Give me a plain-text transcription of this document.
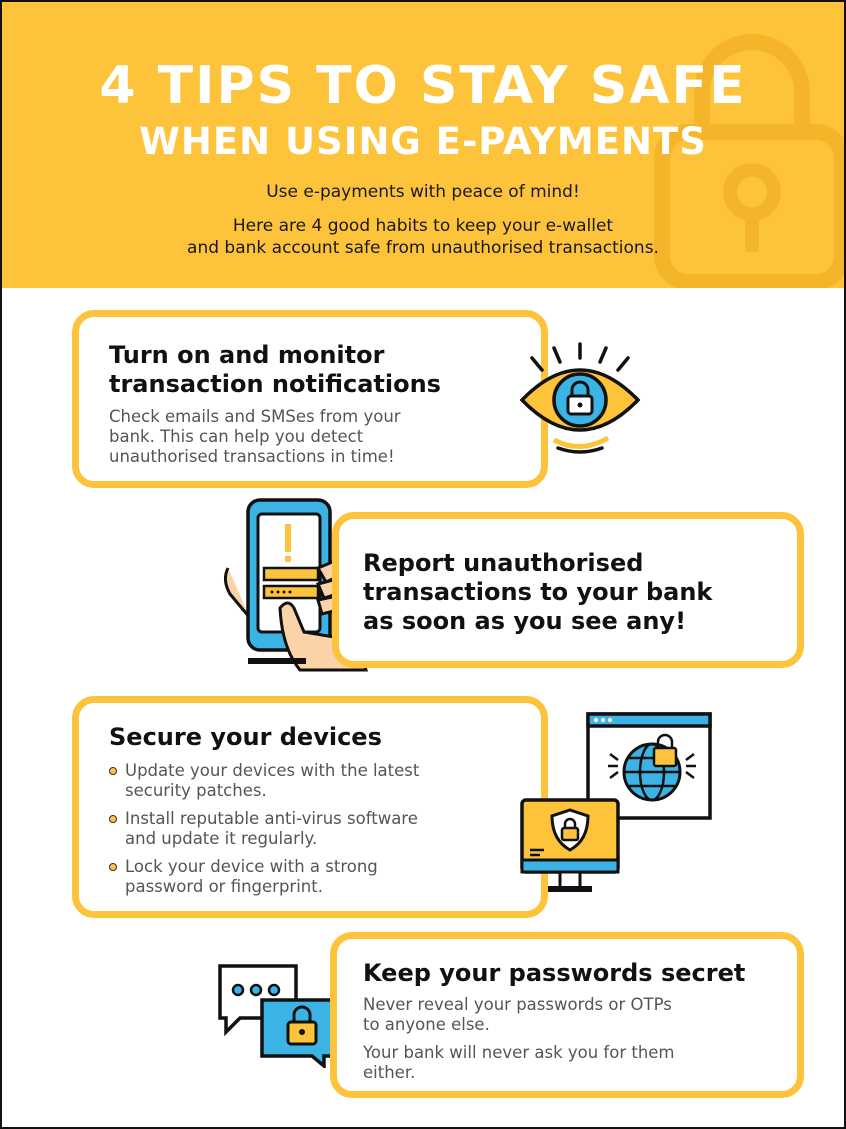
4 TIPS TO STAY SAFE
WHEN USING E-PAYMENTS
Use e-payments with peace of mind!
Here are 4 good habits to keep your e-wallet
and bank account safe from unauthorised transactions.
Turn on and monitor
transaction notifications
Check emails and SMSes from your
bank. This can help you detect
unauthorised transactions in time!
Report unauthorised
transactions to your bank
as soon as you see any!
Secure your devices
Update your devices with the latest
security patches.
Install reputable anti-virus software
and update it regularly.
Lock your device with a strong
password or fingerprint.
Keep your passwords secret
Never reveal your passwords or OTPs
to anyone else.
Your bank will never ask you for them
either.
